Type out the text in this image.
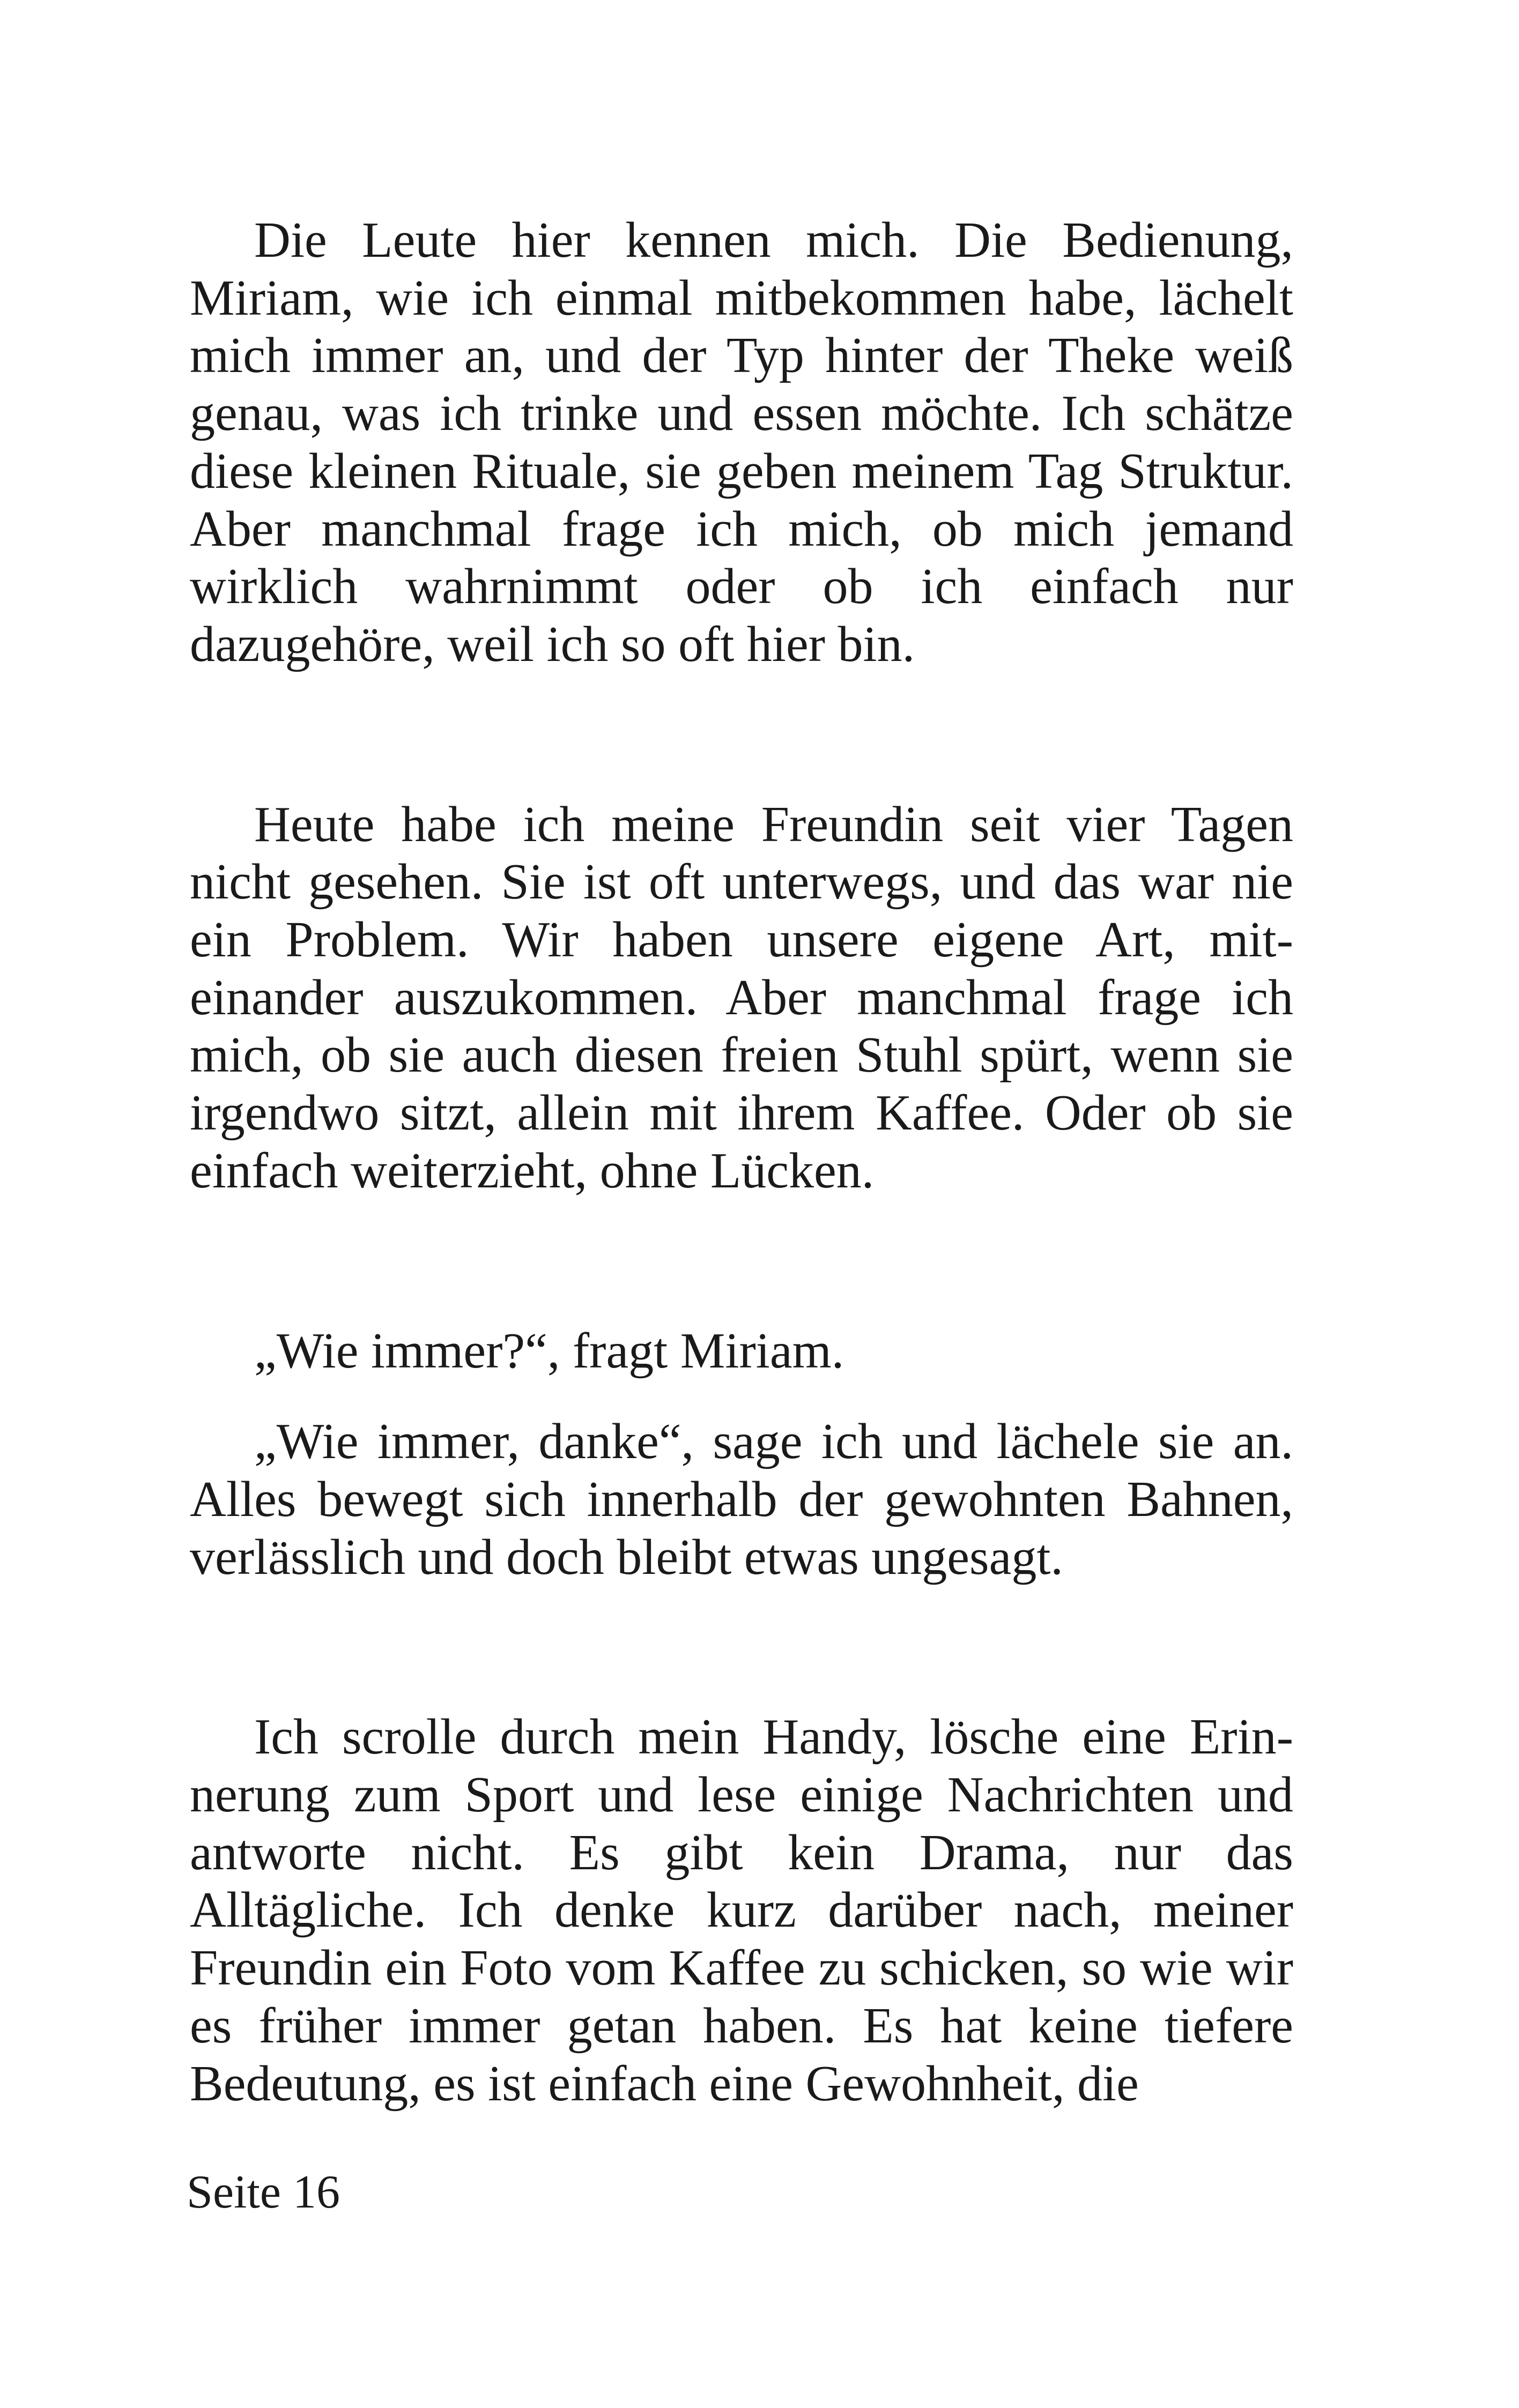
Die Leute hier kennen mich. Die Bedienung, Miriam, wie ich einmal mitbekommen habe, lächelt mich immer an, und der Typ hinter der Theke weiß genau, was ich trinke und essen möchte. Ich schätze diese kleinen Rituale, sie geben meinem Tag Struktur. Aber manchmal frage ich mich, ob mich jemand wirklich wahrnimmt oder ob ich einfach nur dazugehöre, weil ich so oft hier bin.

Heute habe ich meine Freundin seit vier Tagen nicht gesehen. Sie ist oft unterwegs, und das war nie ein Problem. Wir haben unsere eigene Art, miteinander auszukommen. Aber manchmal frage ich mich, ob sie auch diesen freien Stuhl spürt, wenn sie irgendwo sitzt, allein mit ihrem Kaffee. Oder ob sie einfach weiterzieht, ohne Lücken.

„Wie immer?“, fragt Miriam.

„Wie immer, danke“, sage ich und lächele sie an. Alles bewegt sich innerhalb der gewohnten Bahnen, verlässlich und doch bleibt etwas ungesagt.

Ich scrolle durch mein Handy, lösche eine Erinnerung zum Sport und lese einige Nachrichten und antworte nicht. Es gibt kein Drama, nur das Alltägliche. Ich denke kurz darüber nach, meiner Freundin ein Foto vom Kaffee zu schicken, so wie wir es früher immer getan haben. Es hat keine tiefere Bedeutung, es ist einfach eine Gewohnheit, die

Seite 16
